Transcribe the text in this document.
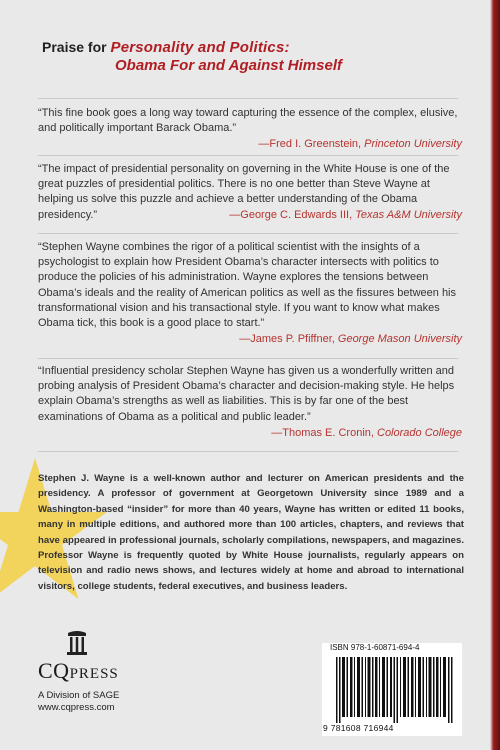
Praise for Personality and Politics:
Obama For and Against Himself

“This fine book goes a long way toward capturing the essence of the complex, elusive, and politically important Barack Obama.”

—Fred I. Greenstein, Princeton University

“The impact of presidential personality on governing in the White House is one of the great puzzles of presidential politics. There is no one better than Steve Wayne at helping us solve this puzzle and achieve a better understanding of the Obama presidency.”	—George C. Edwards III, Texas A&M University

“Stephen Wayne combines the rigor of a political scientist with the insights of a psychologist to explain how President Obama’s character intersects with politics to produce the policies of his administration. Wayne explores the tensions between Obama’s ideals and the reality of American politics as well as the fissures between his transformational vision and his transactional style. If you want to know what makes Obama tick, this book is a good place to start.”

—James P. Pfiffner, George Mason University

“Influential presidency scholar Stephen Wayne has given us a wonderfully written and probing analysis of President Obama’s character and decision-making style. He helps explain Obama’s strengths as well as liabilities. This is by far one of the best examinations of Obama as a political and public leader.”

—Thomas E. Cronin, Colorado College
Stephen J. Wayne is a well-known author and lecturer on American presidents and the presidency. A professor of government at Georgetown University since 1989 and a Washington-based “insider” for more than 40 years, Wayne has written or edited 11 books, many in multiple editions, and authored more than 100 articles, chapters, and reviews that have appeared in professional journals, scholarly compilations, newspapers, and magazines. Professor Wayne is frequently quoted by White House journalists, regularly appears on television and radio news shows, and lectures widely at home and abroad to international visitors, college students, federal executives, and business leaders.
CQPRESS
A Division of SAGE
www.cqpress.com
ISBN 978-1-60871-694-4
9 781608 716944
